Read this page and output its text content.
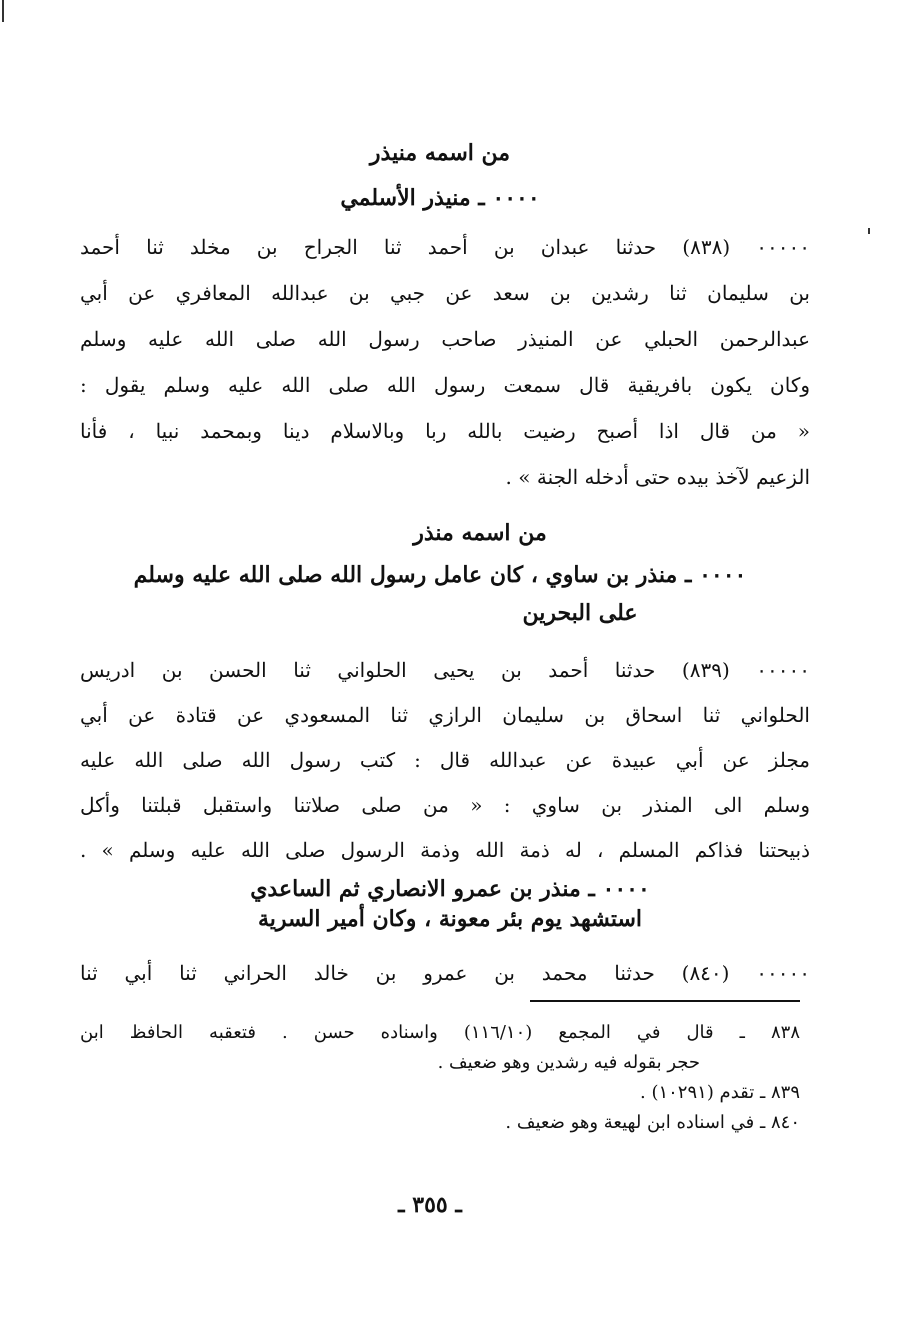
من اسمه منيذر
٠٠٠٠ ـ منيذر الأسلمي
٠٠٠٠٠ (٨٣٨) حدثنا عبدان بن أحمد ثنا الجراح بن مخلد ثنا أحمد
بن سليمان ثنا رشدين بن سعد عن جبي بن عبدالله المعافري عن أبي
عبدالرحمن الحبلي عن المنيذر صاحب رسول الله صلى الله عليه وسلم
وكان يكون بافريقية قال سمعت رسول الله صلى الله عليه وسلم يقول :
« من قال اذا أصبح رضيت بالله ربا وبالاسلام دينا وبمحمد نبيا ، فأنا
الزعيم لآخذ بيده حتى أدخله الجنة » .
من اسمه منذر
٠٠٠٠ ـ منذر بن ساوي ، كان عامل رسول الله صلى الله عليه وسلم
على البحرين
٠٠٠٠٠ (٨٣٩) حدثنا أحمد بن يحيى الحلواني ثنا الحسن بن ادريس
الحلواني ثنا اسحاق بن سليمان الرازي ثنا المسعودي عن قتادة عن أبي
مجلز عن أبي عبيدة عن عبدالله قال : كتب رسول الله صلى الله عليه
وسلم الى المنذر بن ساوي : « من صلى صلاتنا واستقبل قبلتنا وأكل
ذبيحتنا فذاكم المسلم ، له ذمة الله وذمة الرسول صلى الله عليه وسلم » .
٠٠٠٠ ـ منذر بن عمرو الانصاري ثم الساعدي
استشهد يوم بئر معونة ، وكان أمير السرية
٠٠٠٠٠ (٨٤٠) حدثنا محمد بن عمرو بن خالد الحراني ثنا أبي ثنا
٨٣٨ ـ قال في المجمع (١١٦/١٠) واسناده حسن . فتعقبه الحافظ ابن
حجر بقوله فيه رشدين وهو ضعيف .
٨٣٩ ـ تقدم (١٠٢٩١) .
٨٤٠ ـ في اسناده ابن لهيعة وهو ضعيف .
ـ ٣٥٥ ـ
